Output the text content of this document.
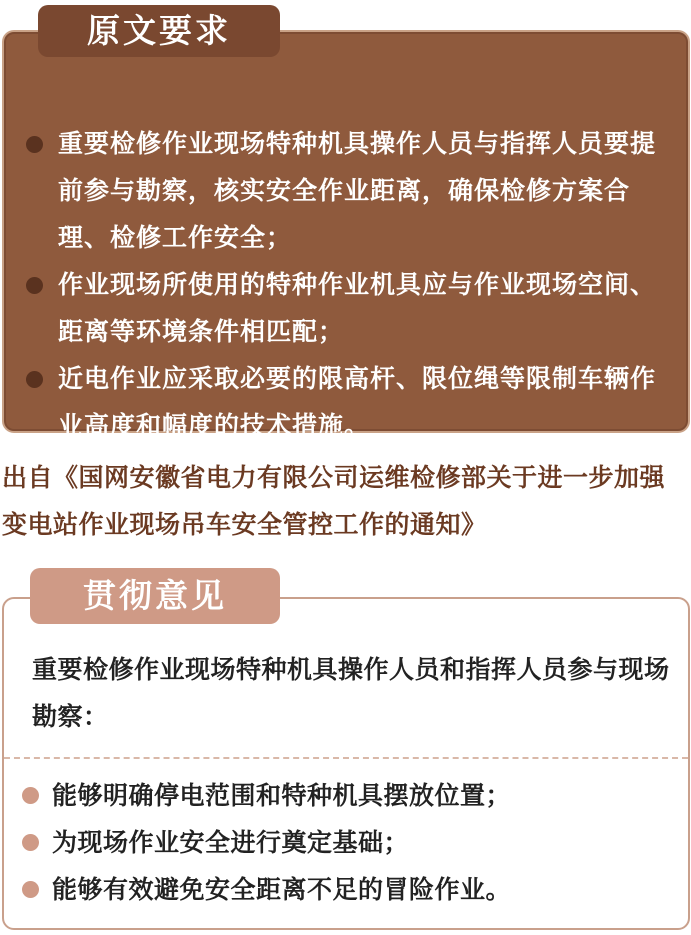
原文要求
重要检修作业现场特种机具操作人员与指挥人员要提前参与勘察，核实安全作业距离，确保检修方案合理、检修工作安全；
作业现场所使用的特种作业机具应与作业现场空间、距离等环境条件相匹配；
近电作业应采取必要的限高杆、限位绳等限制车辆作业高度和幅度的技术措施。
出自《国网安徽省电力有限公司运维检修部关于进一步加强变电站作业现场吊车安全管控工作的通知》
贯彻意见
重要检修作业现场特种机具操作人员和指挥人员参与现场勘察：
能够明确停电范围和特种机具摆放位置；
为现场作业安全进行奠定基础；
能够有效避免安全距离不足的冒险作业。
